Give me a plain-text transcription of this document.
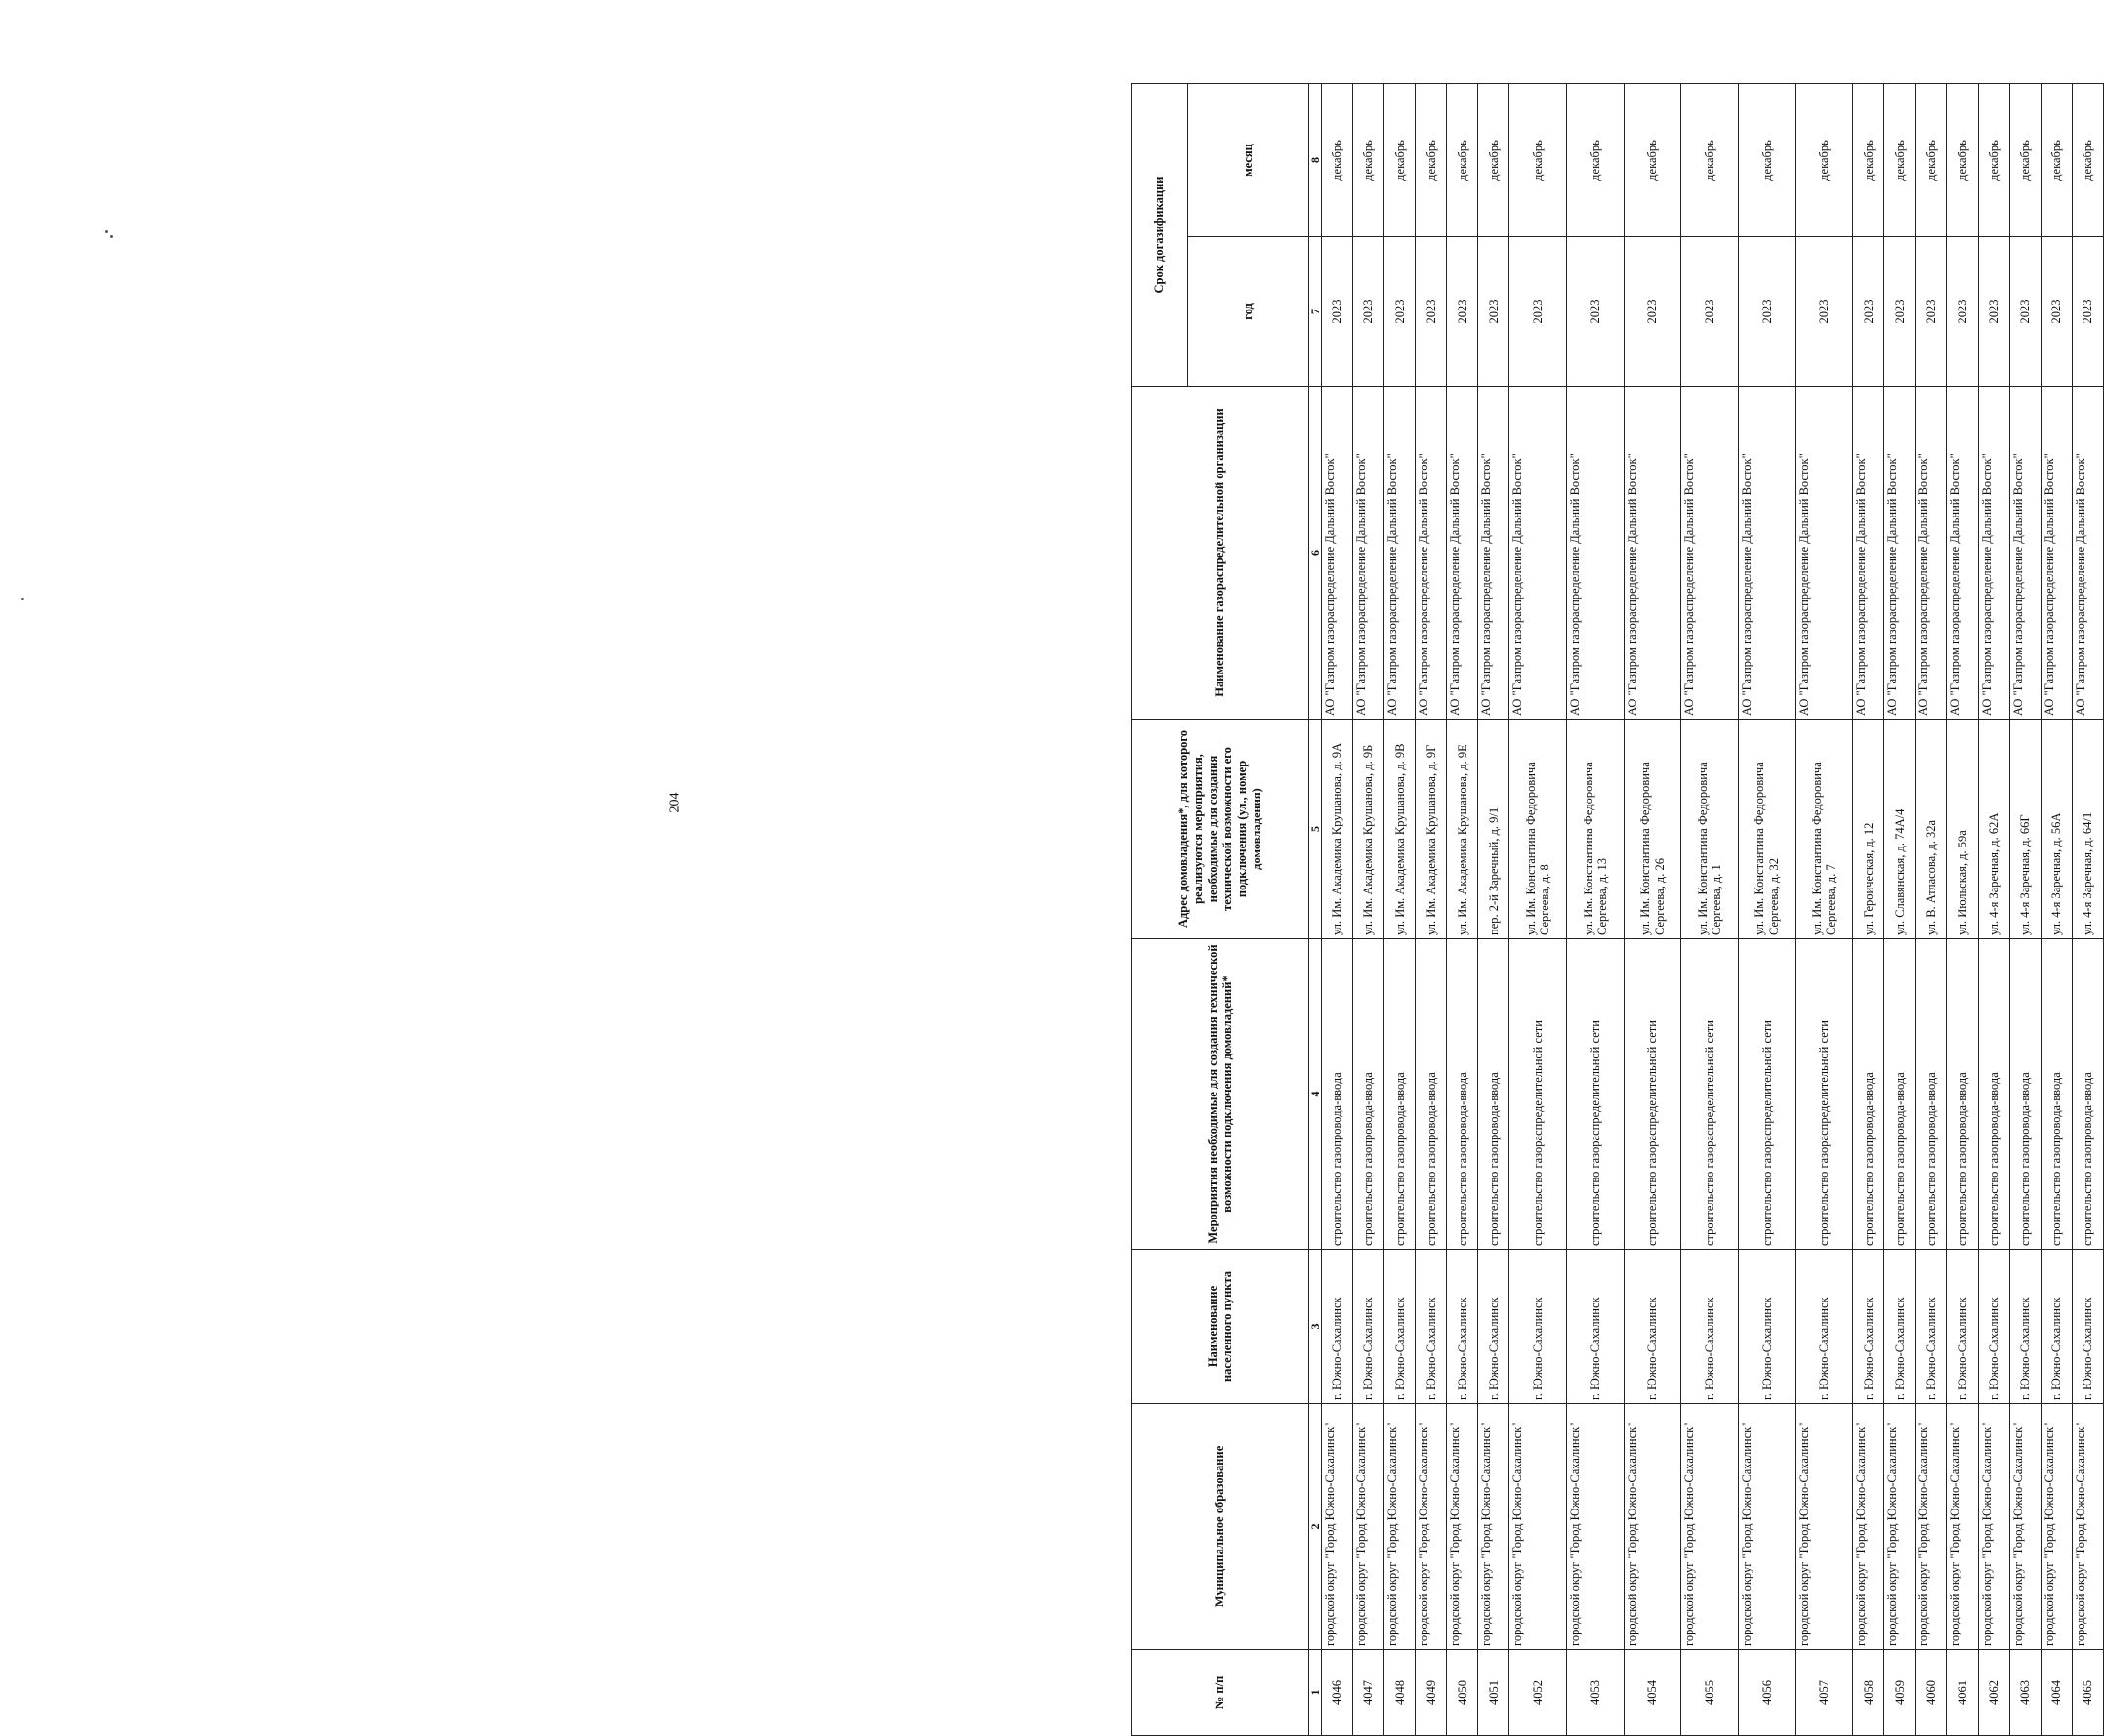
204
№ п/п	Муниципальное образование	Наименование населенного пункта	Мероприятия необходимые для создания технической возможности подключения домовладений*	Адрес домовладения*, для которого реализуются мероприятия, необходимые для создания технической возможности его подключения (ул., номер домовладения)	Наименование газораспределительной организации	Срок догазификации	
						год	месяц
1	2	3	4	5	6	7	8
4046	городской округ "Город Южно-Сахалинск"	г. Южно-Сахалинск	строительство газопровода-ввода	ул. Им. Академика Крушанова, д. 9А	АО "Газпром газораспределение Дальний Восток"	2023	декабрь
4047	городской округ "Город Южно-Сахалинск"	г. Южно-Сахалинск	строительство газопровода-ввода	ул. Им. Академика Крушанова, д. 9Б	АО "Газпром газораспределение Дальний Восток"	2023	декабрь
4048	городской округ "Город Южно-Сахалинск"	г. Южно-Сахалинск	строительство газопровода-ввода	ул. Им. Академика Крушанова, д. 9В	АО "Газпром газораспределение Дальний Восток"	2023	декабрь
4049	городской округ "Город Южно-Сахалинск"	г. Южно-Сахалинск	строительство газопровода-ввода	ул. Им. Академика Крушанова, д. 9Г	АО "Газпром газораспределение Дальний Восток"	2023	декабрь
4050	городской округ "Город Южно-Сахалинск"	г. Южно-Сахалинск	строительство газопровода-ввода	ул. Им. Академика Крушанова, д. 9Е	АО "Газпром газораспределение Дальний Восток"	2023	декабрь
4051	городской округ "Город Южно-Сахалинск"	г. Южно-Сахалинск	строительство газопровода-ввода	пер. 2-й Заречный, д. 9/1	АО "Газпром газораспределение Дальний Восток"	2023	декабрь
4052	городской округ "Город Южно-Сахалинск"	г. Южно-Сахалинск	строительство газораспределительной сети	ул. Им. Константина Федоровича Сергеева, д. 8	АО "Газпром газораспределение Дальний Восток"	2023	декабрь
4053	городской округ "Город Южно-Сахалинск"	г. Южно-Сахалинск	строительство газораспределительной сети	ул. Им. Константина Федоровича Сергеева, д. 13	АО "Газпром газораспределение Дальний Восток"	2023	декабрь
4054	городской округ "Город Южно-Сахалинск"	г. Южно-Сахалинск	строительство газораспределительной сети	ул. Им. Константина Федоровича Сергеева, д. 26	АО "Газпром газораспределение Дальний Восток"	2023	декабрь
4055	городской округ "Город Южно-Сахалинск"	г. Южно-Сахалинск	строительство газораспределительной сети	ул. Им. Константина Федоровича Сергеева, д. 1	АО "Газпром газораспределение Дальний Восток"	2023	декабрь
4056	городской округ "Город Южно-Сахалинск"	г. Южно-Сахалинск	строительство газораспределительной сети	ул. Им. Константина Федоровича Сергеева, д. 32	АО "Газпром газораспределение Дальний Восток"	2023	декабрь
4057	городской округ "Город Южно-Сахалинск"	г. Южно-Сахалинск	строительство газораспределительной сети	ул. Им. Константина Федоровича Сергеева, д. 7	АО "Газпром газораспределение Дальний Восток"	2023	декабрь
4058	городской округ "Город Южно-Сахалинск"	г. Южно-Сахалинск	строительство газопровода-ввода	ул. Героическая, д. 12	АО "Газпром газораспределение Дальний Восток"	2023	декабрь
4059	городской округ "Город Южно-Сахалинск"	г. Южно-Сахалинск	строительство газопровода-ввода	ул. Славянская, д. 74А/4	АО "Газпром газораспределение Дальний Восток"	2023	декабрь
4060	городской округ "Город Южно-Сахалинск"	г. Южно-Сахалинск	строительство газопровода-ввода	ул. В. Атласова, д. 32а	АО "Газпром газораспределение Дальний Восток"	2023	декабрь
4061	городской округ "Город Южно-Сахалинск"	г. Южно-Сахалинск	строительство газопровода-ввода	ул. Июльская, д. 59а	АО "Газпром газораспределение Дальний Восток"	2023	декабрь
4062	городской округ "Город Южно-Сахалинск"	г. Южно-Сахалинск	строительство газопровода-ввода	ул. 4-я Заречная, д. 62А	АО "Газпром газораспределение Дальний Восток"	2023	декабрь
4063	городской округ "Город Южно-Сахалинск"	г. Южно-Сахалинск	строительство газопровода-ввода	ул. 4-я Заречная, д. 66Г	АО "Газпром газораспределение Дальний Восток"	2023	декабрь
4064	городской округ "Город Южно-Сахалинск"	г. Южно-Сахалинск	строительство газопровода-ввода	ул. 4-я Заречная, д. 56А	АО "Газпром газораспределение Дальний Восток"	2023	декабрь
4065	городской округ "Город Южно-Сахалинск"	г. Южно-Сахалинск	строительство газопровода-ввода	ул. 4-я Заречная, д. 64/1	АО "Газпром газораспределение Дальний Восток"	2023	декабрь
